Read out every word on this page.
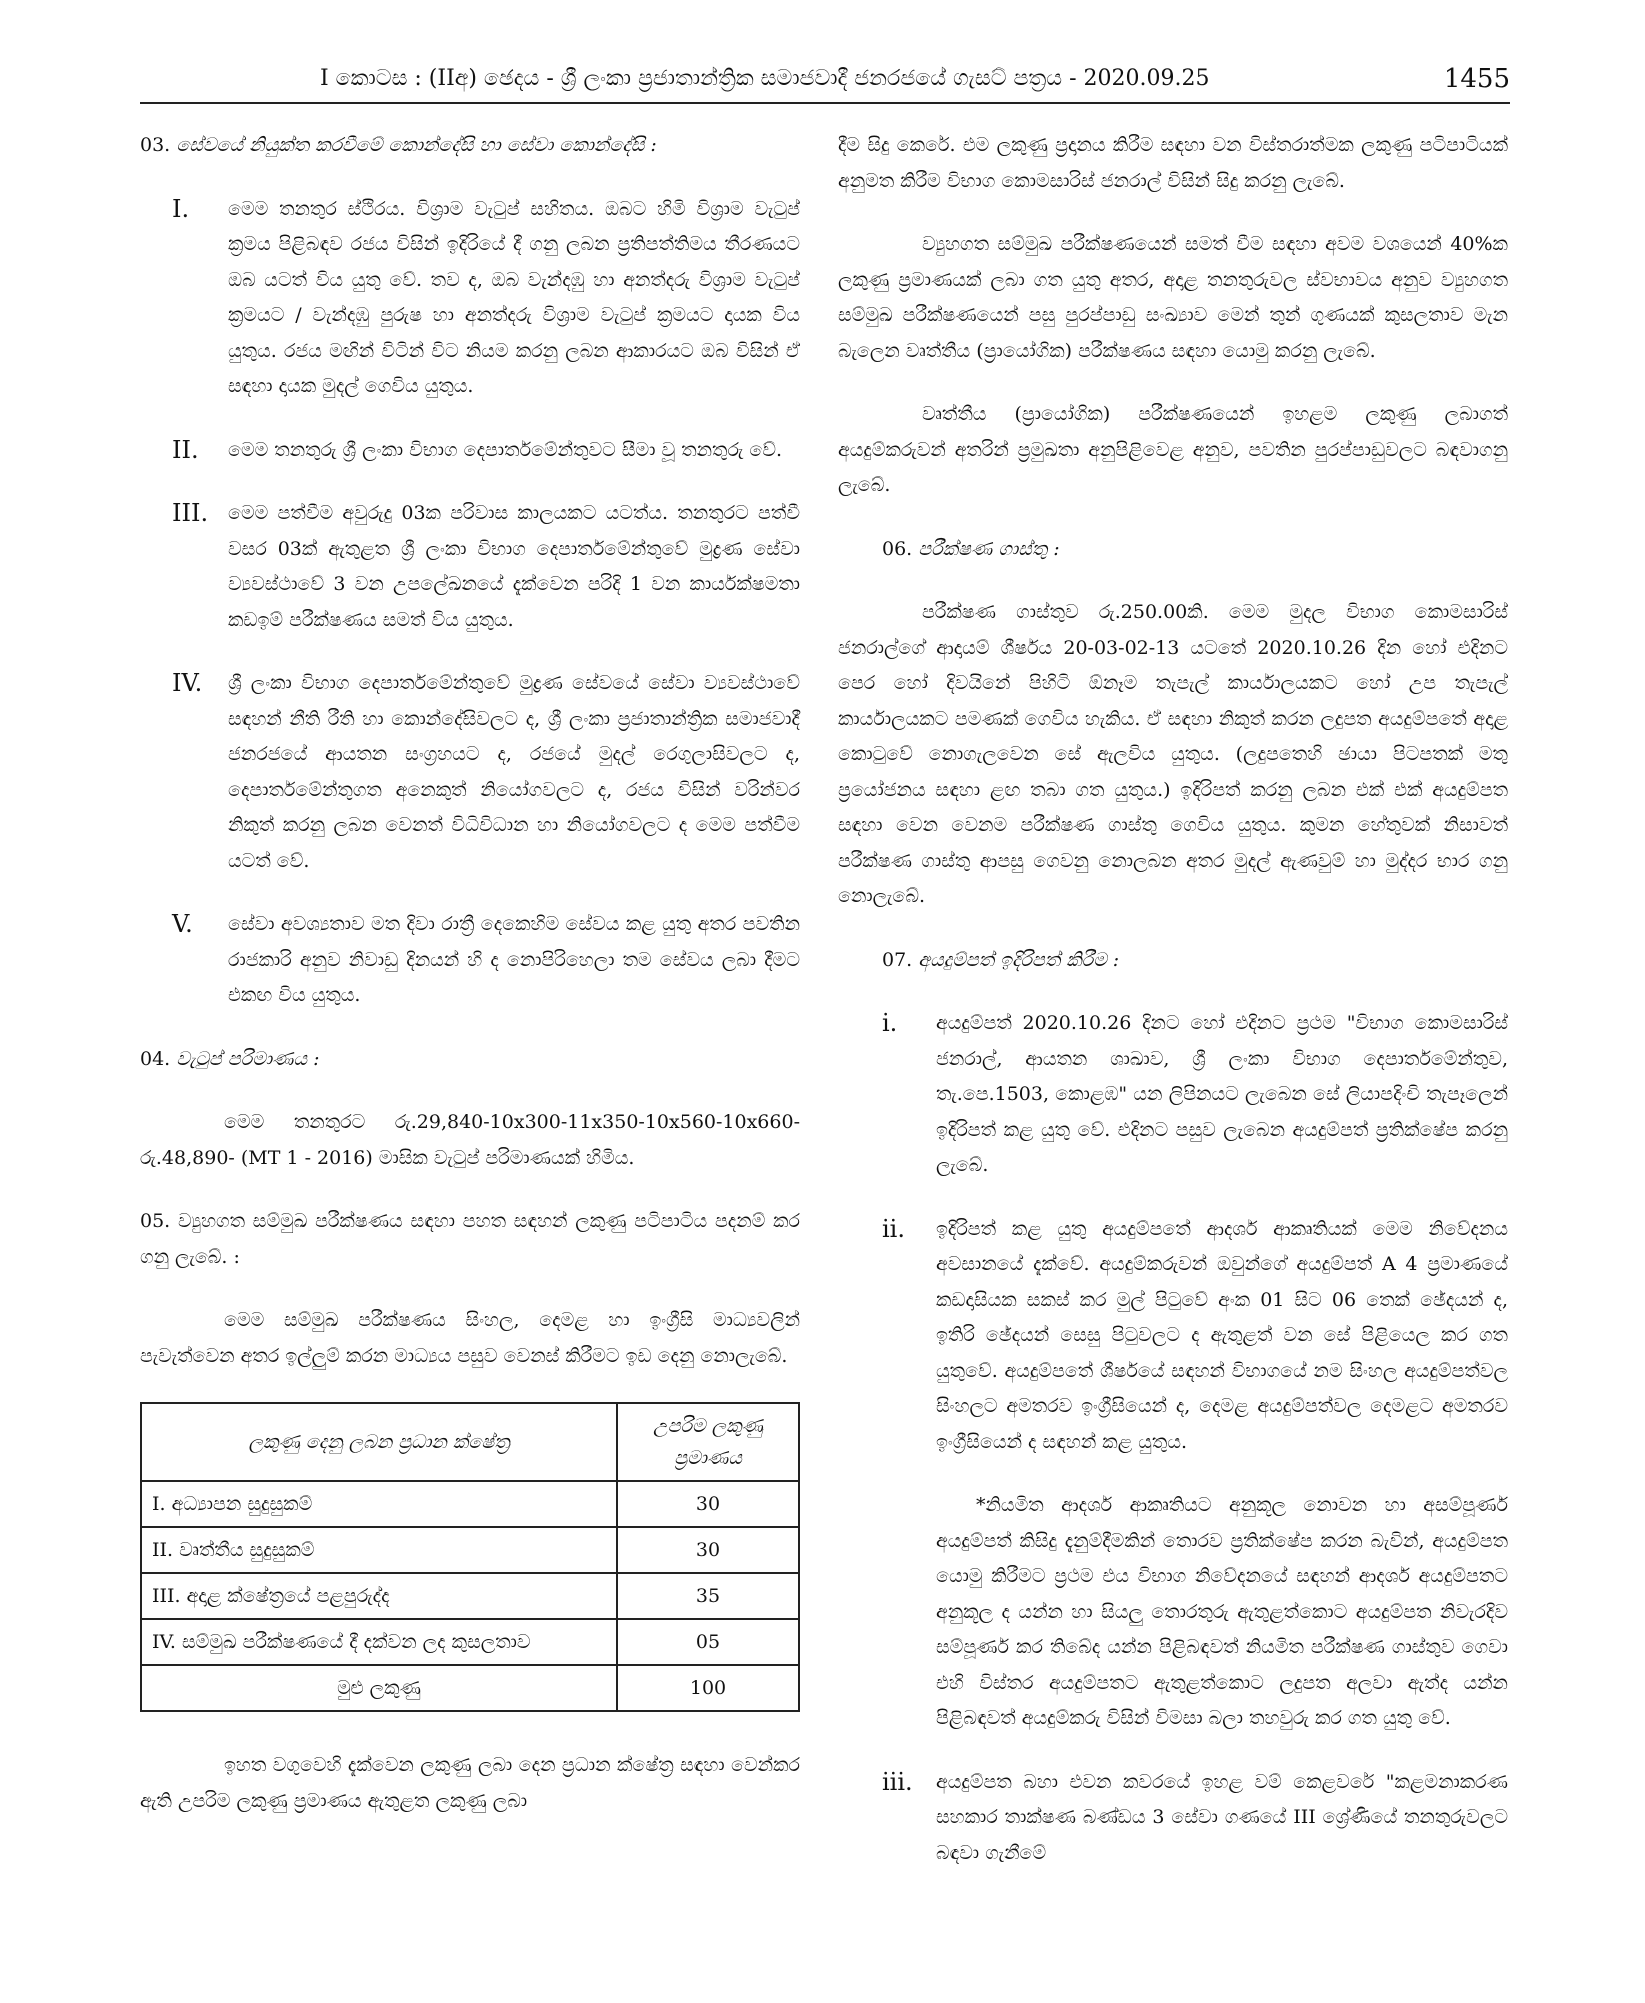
I කොටස : (IIඅ) ඡෙදය - ශ්‍රී ලංකා ප්‍රජාතාන්ත්‍රික සමාජවාදී ජනරජයේ ගැසට් පත්‍රය - 2020.09.25	1455
03. සේවයේ නියුක්ත කරවීමේ කොන්දේසි හා සේවා කොන්දේසි :
I.	මෙම තනතුර ස්ථිරය. විශ්‍රාම වැටුප් සහිතය. ඔබට හිමි විශ්‍රාම වැටුප් ක්‍රමය පිළිබඳව රජය විසින් ඉදිරියේ දී ගනු ලබන ප්‍රතිපත්තිමය තීරණයට ඔබ යටත් විය යුතු වේ. තව ද, ඔබ වැන්දඹු හා අනත්දරු විශ්‍රාම වැටුප් ක්‍රමයට / වැන්දඹු පුරුෂ හා අනත්දරු විශ්‍රාම වැටුප් ක්‍රමයට දායක විය යුතුය. රජය මඟින් විටින් විට නියම කරනු ලබන ආකාරයට ඔබ විසින් ඒ සඳහා දායක මුදල් ගෙවිය යුතුය.
II.	මෙම තනතුරු ශ්‍රී ලංකා විභාග දෙපාර්තමේන්තුවට සීමා වූ තනතුරු වේ.
III.	මෙම පත්වීම අවුරුදු 03ක පරිවාස කාලයකට යටත්ය. තනතුරට පත්වී වසර 03ක් ඇතුළත ශ්‍රී ලංකා විභාග දෙපාර්තමේන්තුවේ මුද්‍රණ සේවා ව්‍යවස්ථාවේ 3 වන උපලේඛනයේ දැක්වෙන පරිදි 1 වන කාර්යක්ෂමතා කඩඉම් පරීක්ෂණය සමත් විය යුතුය.
IV.	ශ්‍රී ලංකා විභාග දෙපාර්තමේන්තුවේ මුද්‍රණ සේවයේ සේවා ව්‍යවස්ථාවේ සඳහන් නීති රීති හා කොන්දේසිවලට ද, ශ්‍රී ලංකා ප්‍රජාතාන්ත්‍රික සමාජවාදී ජනරජයේ ආයතන සංග්‍රහයට ද, රජයේ මුදල් රෙගුලාසිවලට ද, දෙපාර්තමේන්තුගත අනෙකුත් නියෝගවලට ද, රජය විසින් වරින්වර නිකුත් කරනු ලබන වෙනත් විධිවිධාන හා නියෝගවලට ද මෙම පත්වීම යටත් වේ.
V.	සේවා අවශ්‍යතාව මත දිවා රාත්‍රී දෙකෙහිම සේවය කළ යුතු අතර පවතින රාජකාරි අනුව නිවාඩු දිනයන් හි ද නොපිරිහෙලා තම සේවය ලබා දීමට එකඟ විය යුතුය.
04. වැටුප් පරිමාණය :

මෙම තනතුරට රු.29,840-10x300-11x350-10x560-10x660-රු.48,890- (MT 1 - 2016) මාසික වැටුප් පරිමාණයක් හිමිය.

05. ව්‍යුහගත සම්මුඛ පරීක්ෂණය සඳහා පහත සඳහන් ලකුණු පටිපාටිය පදනම් කර ගනු ලැබේ. :

මෙම සම්මුඛ පරීක්ෂණය සිංහල, දෙමළ හා ඉංග්‍රීසි මාධ්‍යවලින් පැවැත්වෙන අතර ඉල්ලුම් කරන මාධ්‍යය පසුව වෙනස් කිරීමට ඉඩ දෙනු නොලැබේ.

ලකුණු දෙනු ලබන ප්‍රධාන ක්ෂේත්‍ර	උපරිම ලකුණු ප්‍රමාණය
I. අධ්‍යාපන සුදුසුකම්	30
II. වෘත්තීය සුදුසුකම්	30
III. අදාළ ක්ෂේත්‍රයේ පළපුරුද්ද	35
IV. සම්මුඛ පරීක්ෂණයේ දී දක්වන ලද කුසලතාව	05
මුළු ලකුණු	100

ඉහත වගුවෙහි දැක්වෙන ලකුණු ලබා දෙන ප්‍රධාන ක්ෂේත්‍ර සඳහා වෙන්කර ඇති උපරිම ලකුණු ප්‍රමාණය ඇතුළත ලකුණු ලබා

දීම සිදු කෙරේ. එම ලකුණු ප්‍රදානය කිරීම සඳහා වන විස්තරාත්මක ලකුණු පටිපාටියක් අනුමත කිරීම විභාග කොමසාරිස් ජනරාල් විසින් සිදු කරනු ලැබේ.

ව්‍යුහගත සම්මුඛ පරීක්ෂණයෙන් සමත් වීම සඳහා අවම වශයෙන් 40%ක ලකුණු ප්‍රමාණයක් ලබා ගත යුතු අතර, අදාළ තනතුරුවල ස්වභාවය අනුව ව්‍යුහගත සම්මුඛ පරීක්ෂණයෙන් පසු පුරප්පාඩු සංඛ්‍යාව මෙන් තුන් ගුණයක් කුසලතාව මැන බැලෙන වෘත්තීය (ප්‍රායෝගික) පරීක්ෂණය සඳහා යොමු කරනු ලැබේ.

වෘත්තීය (ප්‍රායෝගික) පරීක්ෂණයෙන් ඉහළම ලකුණු ලබාගත් අයදුම්කරුවන් අතරින් ප්‍රමුඛතා අනුපිළිවෙළ අනුව, පවතින පුරප්පාඩුවලට බඳවාගනු ලැබේ.

06. පරීක්ෂණ ගාස්තු :

පරීක්ෂණ ගාස්තුව රු.250.00කි. මෙම මුදල විභාග කොමසාරිස් ජනරාල්ගේ ආදායම් ශීර්ෂය 20-03-02-13 යටතේ 2020.10.26 දින හෝ එදිනට පෙර හෝ දිවයිනේ පිහිටි ඕනෑම තැපැල් කාර්යාලයකට හෝ උප තැපැල් කාර්යාලයකට පමණක් ගෙවිය හැකිය. ඒ සඳහා නිකුත් කරන ලදුපත අයදුම්පතේ අදාළ කොටුවේ නොගැලවෙන සේ ඇලවිය යුතුය. (ලදුපතෙහි ඡායා පිටපතක් මතු ප්‍රයෝජනය සඳහා ළඟ තබා ගත යුතුය.) ඉදිරිපත් කරනු ලබන එක් එක් අයදුම්පත සඳහා වෙන වෙනම පරීක්ෂණ ගාස්තු ගෙවිය යුතුය. කුමන හේතුවක් නිසාවත් පරීක්ෂණ ගාස්තු ආපසු ගෙවනු නොලබන අතර මුදල් ඇණවුම් හා මුද්දර භාර ගනු නොලැබේ.

07. අයදුම්පත් ඉදිරිපත් කිරීම :
i.	අයදුම්පත් 2020.10.26 දිනට හෝ එදිනට ප්‍රථම "විභාග කොමසාරිස් ජනරාල්, ආයතන ශාඛාව, ශ්‍රී ලංකා විභාග දෙපාර්තමේන්තුව, තැ.පෙ.1503, කොළඹ" යන ලිපිනයට ලැබෙන සේ ලියාපදිංචි තැපෑලෙන් ඉදිරිපත් කළ යුතු වේ. එදිනට පසුව ලැබෙන අයදුම්පත් ප්‍රතික්ෂේප කරනු ලැබේ.
ii.	ඉදිරිපත් කළ යුතු අයදුම්පතේ ආදර්ශ ආකෘතියක් මෙම නිවේදනය අවසානයේ දැක්වේ. අයදුම්කරුවන් ඔවුන්ගේ අයදුම්පත් A 4 ප්‍රමාණයේ කඩදාසියක සකස් කර මුල් පිටුවේ අංක 01 සිට 06 තෙක් ඡේදයන් ද, ඉතිරි ඡේදයන් සෙසු පිටුවලට ද ඇතුළත් වන සේ පිළියෙල කර ගත යුතුවේ. අයදුම්පතේ ශීර්ෂයේ සඳහන් විභාගයේ නම සිංහල අයදුම්පත්වල සිංහලට අමතරව ඉංග්‍රීසියෙන් ද, දෙමළ අයදුම්පත්වල දෙමළට අමතරව ඉංග්‍රීසියෙන් ද සඳහන් කළ යුතුය.

*නියමිත ආදර්ශ ආකෘතියට අනුකූල නොවන හා අසම්පූර්ණ අයදුම්පත් කිසිදු දැනුම්දීමකින් තොරව ප්‍රතික්ෂේප කරන බැවින්, අයදුම්පත යොමු කිරීමට ප්‍රථම එය විභාග නිවේදනයේ සඳහන් ආදර්ශ අයදුම්පතට අනුකූල ද යන්න හා සියලු තොරතුරු ඇතුළත්කොට අයදුම්පත නිවැරදිව සම්පූර්ණ කර තිබේද යන්න පිළිබඳවත් නියමිත පරීක්ෂණ ගාස්තුව ගෙවා එහි විස්තර අයදුම්පතට ඇතුළත්කොට ලදුපත අලවා ඇත්ද යන්න පිළිබඳවත් අයදුම්කරු විසින් විමසා බලා තහවුරු කර ගත යුතු වේ.

iii.	අයදුම්පත බහා එවන කවරයේ ඉහළ වම් කෙළවරේ "කළමනාකරණ සහකාර තාක්ෂණ බණ්ඩය 3 සේවා ගණයේ III ශ්‍රේණියේ තනතුරුවලට බඳවා ගැනීමේ
